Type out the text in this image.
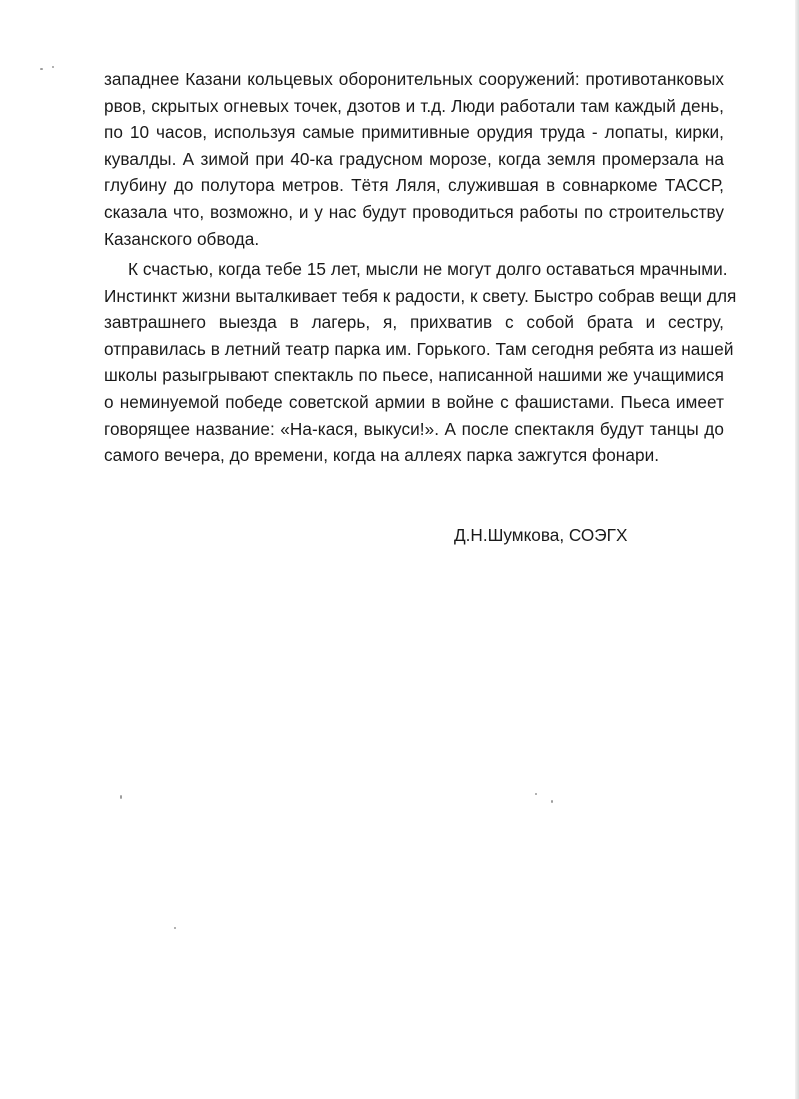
западнее Казани кольцевых оборонительных сооружений: противотанковых
рвов, скрытых огневых точек, дзотов и т.д. Люди работали там каждый день,
по 10 часов, используя самые примитивные орудия труда - лопаты, кирки,
кувалды. А зимой при 40-ка градусном морозе, когда земля промерзала на
глубину до полутора метров. Тётя Ляля, служившая в совнаркоме ТАССР,
сказала что, возможно, и у нас будут проводиться работы по строительству
Казанского обвода.
К счастью, когда тебе 15 лет, мысли не могут долго оставаться мрачными.
Инстинкт жизни выталкивает тебя к радости, к свету. Быстро собрав вещи для
завтрашнего выезда в лагерь, я, прихватив с собой брата и сестру,
отправилась в летний театр парка им. Горького. Там сегодня ребята из нашей
школы разыгрывают спектакль по пьесе, написанной нашими же учащимися
о неминуемой победе советской армии в войне с фашистами. Пьеса имеет
говорящее название: «На-кася, выкуси!». А после спектакля будут танцы до
самого вечера, до времени, когда на аллеях парка зажгутся фонари.
Д.Н.Шумкова, СОЭГХ
